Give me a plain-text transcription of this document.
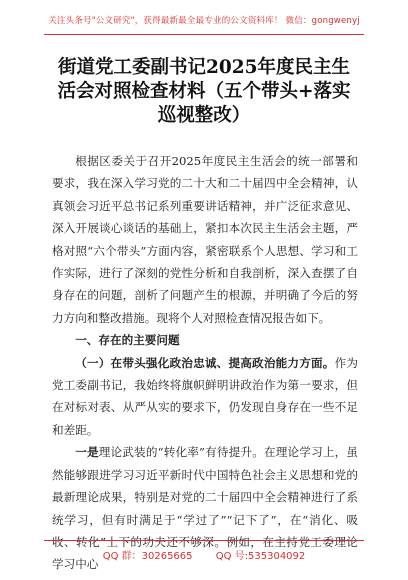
关注头条号"公文研究"，获得最新最全最专业的公文资料库！ 微信：gongwenyj
街道党工委副书记2025年度民主生活会对照检查材料（五个带头+落实巡视整改）

根据区委关于召开2025年度民主生活会的统一部署和要求，我在深入学习党的二十大和二十届四中全会精神，认真领会习近平总书记系列重要讲话精神，并广泛征求意见、深入开展谈心谈话的基础上，紧扣本次民主生活会主题，严格对照“六个带头”方面内容，紧密联系个人思想、学习和工作实际，进行了深刻的党性分析和自我剖析，深入查摆了自身存在的问题，剖析了问题产生的根源，并明确了今后的努力方向和整改措施。现将个人对照检查情况报告如下。

一、存在的主要问题

（一）在带头强化政治忠诚、提高政治能力方面。作为党工委副书记，我始终将旗帜鲜明讲政治作为第一要求，但在对标对表、从严从实的要求下，仍发现自身存在一些不足和差距。

一是理论武装的“转化率”有待提升。在理论学习上，虽然能够跟进学习习近平新时代中国特色社会主义思想和党的最新理论成果，特别是对党的二十届四中全会精神进行了系统学习，但有时满足于“学过了”“记下了”，在“消化、吸收、转化”上下的功夫还不够深。例如，在主持党工委理论学习中心

QQ 群：30265665 QQ 号:535304092
